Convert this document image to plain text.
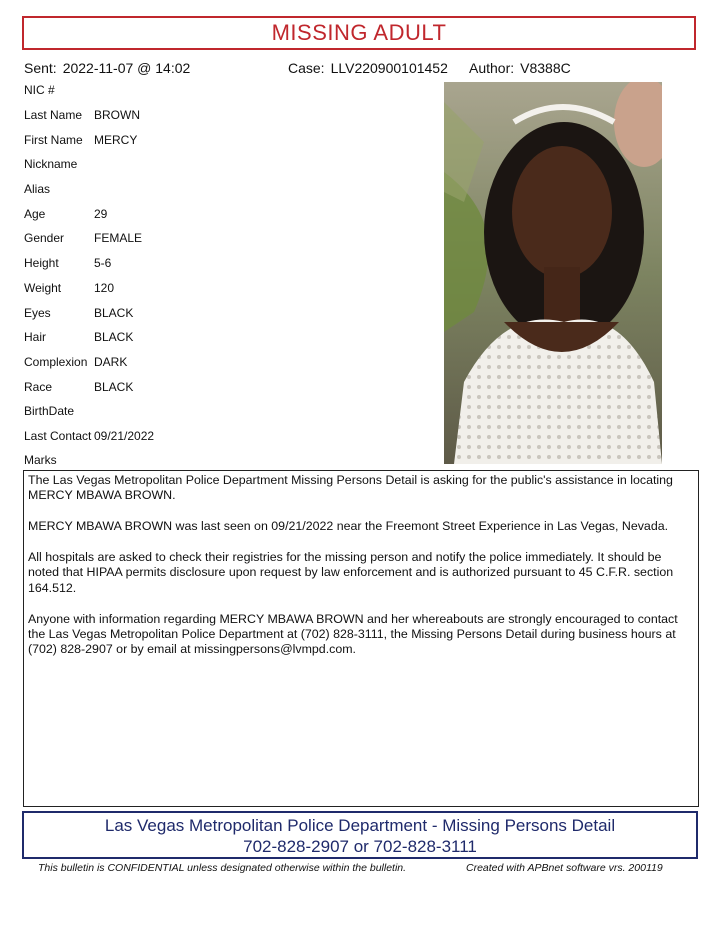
MISSING ADULT
Sent: 2022-11-07 @ 14:02	Case: LLV220900101452 Author: V8388C
NIC #
Last Name BROWN
First Name MERCY
Nickname
Alias
Age	29
Gender FEMALE
Height	5-6
Weight	120
Eyes	BLACK
Hair	BLACK
Complexion DARK
Race	BLACK
BirthDate
Last Contact 09/21/2022
Marks

The Las Vegas Metropolitan Police Department Missing Persons Detail is asking for the public's assistance in locating MERCY MBAWA BROWN.

MERCY MBAWA BROWN was last seen on 09/21/2022 near the Freemont Street Experience in Las Vegas, Nevada.

All hospitals are asked to check their registries for the missing person and notify the police immediately. It should be noted that HIPAA permits disclosure upon request by law enforcement and is authorized pursuant to 45 C.F.R. section 164.512.

Anyone with information regarding MERCY MBAWA BROWN and her whereabouts are strongly encouraged to contact the Las Vegas Metropolitan Police Department at (702) 828-3111, the Missing Persons Detail during business hours at (702) 828-2907 or by email at missingpersons@lvmpd.com.

Las Vegas Metropolitan Police Department - Missing Persons Detail
702-828-2907 or 702-828-3111
This bulletin is CONFIDENTIAL unless designated otherwise within the bulletin.	Created with APBnet software vrs. 200119
